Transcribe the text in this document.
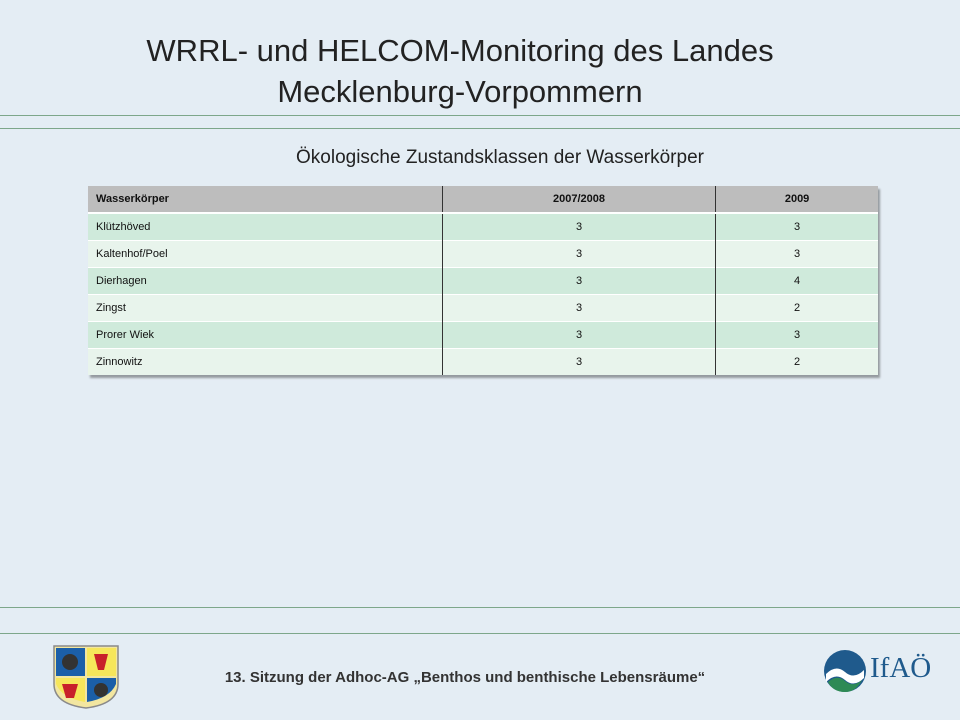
WRRL- und HELCOM-Monitoring des Landes
Mecklenburg-Vorpommern
Ökologische Zustandsklassen der Wasserkörper
Wasserkörper	2007/2008	2009
Klützhöved	3	3
Kaltenhof/Poel	3	3
Dierhagen	3	4
Zingst	3	2
Prorer Wiek	3	3
Zinnowitz	3	2
13. Sitzung der Adhoc-AG „Benthos und benthische Lebensräume“	IfAÖ
